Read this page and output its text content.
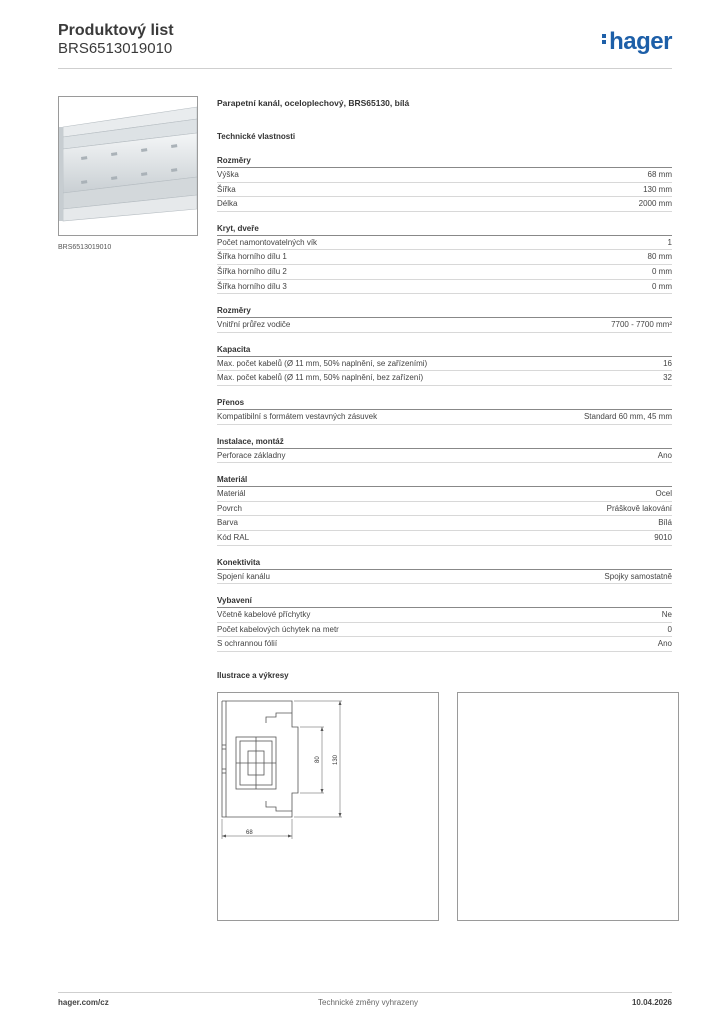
Produktový list
BRS6513019010	hager
BRS6513019010
Parapetní kanál, oceloplechový, BRS65130, bílá
Technické vlastnosti
Rozměry
Výška	68 mm
Šířka	130 mm
Délka	2000 mm
Kryt, dveře
Počet namontovatelných vík	1
Šířka horního dílu 1	80 mm
Šířka horního dílu 2	0 mm
Šířka horního dílu 3	0 mm
Rozměry
Vnitřní průřez vodiče	7700 - 7700 mm²
Kapacita
Max. počet kabelů (Ø 11 mm, 50% naplnění, se zařízeními)	16
Max. počet kabelů (Ø 11 mm, 50% naplnění, bez zařízení)	32
Přenos
Kompatibilní s formátem vestavných zásuvek	Standard 60 mm, 45 mm
Instalace, montáž
Perforace základny	Ano
Materiál
Materiál	Ocel
Povrch	Práškově lakování
Barva	Bílá
Kód RAL	9010
Konektivita
Spojení kanálu	Spojky samostatně
Vybavení
Včetně kabelové příchytky	Ne
Počet kabelových úchytek na metr	0
S ochrannou fólií	Ano
Ilustrace a výkresy
68
80 130
hager.com/cz	Technické změny vyhrazeny	10.04.2026
